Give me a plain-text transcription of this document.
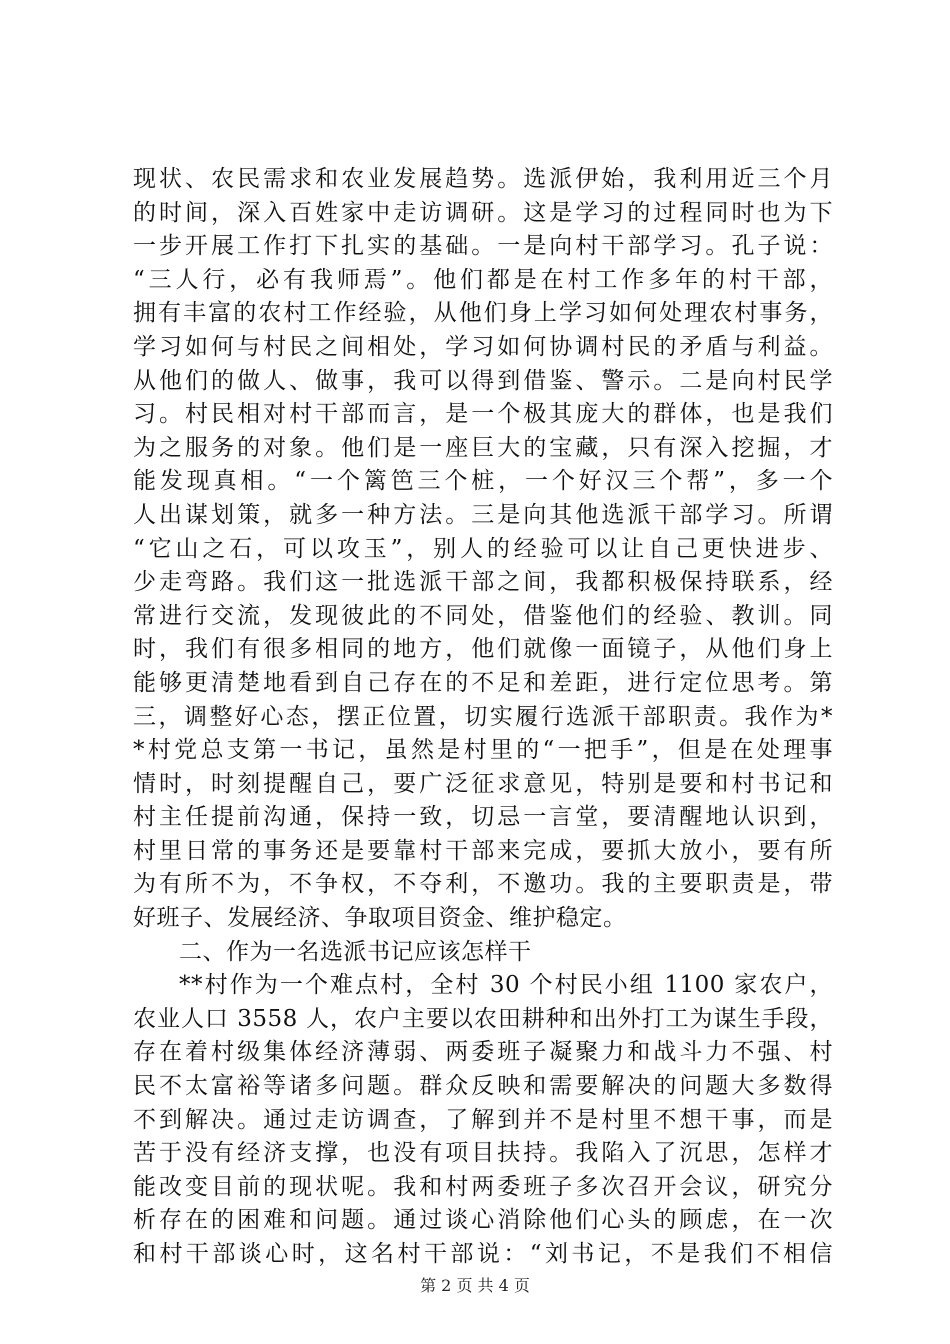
现状、农民需求和农业发展趋势。选派伊始，我利用近三个月
的时间，深入百姓家中走访调研。这是学习的过程同时也为下
一步开展工作打下扎实的基础。一是向村干部学习。孔子说：
“三人行，必有我师焉”。他们都是在村工作多年的村干部，
拥有丰富的农村工作经验，从他们身上学习如何处理农村事务，
学习如何与村民之间相处，学习如何协调村民的矛盾与利益。
从他们的做人、做事，我可以得到借鉴、警示。二是向村民学
习。村民相对村干部而言，是一个极其庞大的群体，也是我们
为之服务的对象。他们是一座巨大的宝藏，只有深入挖掘，才
能发现真相。“一个篱笆三个桩，一个好汉三个帮”，多一个
人出谋划策，就多一种方法。三是向其他选派干部学习。所谓
“它山之石，可以攻玉”，别人的经验可以让自己更快进步、
少走弯路。我们这一批选派干部之间，我都积极保持联系，经
常进行交流，发现彼此的不同处，借鉴他们的经验、教训。同
时，我们有很多相同的地方，他们就像一面镜子，从他们身上
能够更清楚地看到自己存在的不足和差距，进行定位思考。第
三，调整好心态，摆正位置，切实履行选派干部职责。我作为*
*村党总支第一书记，虽然是村里的“一把手”，但是在处理事
情时，时刻提醒自己，要广泛征求意见，特别是要和村书记和
村主任提前沟通，保持一致，切忌一言堂，要清醒地认识到，
村里日常的事务还是要靠村干部来完成，要抓大放小，要有所
为有所不为，不争权，不夺利，不邀功。我的主要职责是，带
好班子、发展经济、争取项目资金、维护稳定。
二、作为一名选派书记应该怎样干
**村作为一个难点村，全村 30 个村民小组 1100 家农户，
农业人口 3558 人，农户主要以农田耕种和出外打工为谋生手段，
存在着村级集体经济薄弱、两委班子凝聚力和战斗力不强、村
民不太富裕等诸多问题。群众反映和需要解决的问题大多数得
不到解决。通过走访调查，了解到并不是村里不想干事，而是
苦于没有经济支撑，也没有项目扶持。我陷入了沉思，怎样才
能改变目前的现状呢。我和村两委班子多次召开会议，研究分
析存在的困难和问题。通过谈心消除他们心头的顾虑，在一次
和村干部谈心时，这名村干部说：“刘书记，不是我们不相信
第 2 页 共 4 页
